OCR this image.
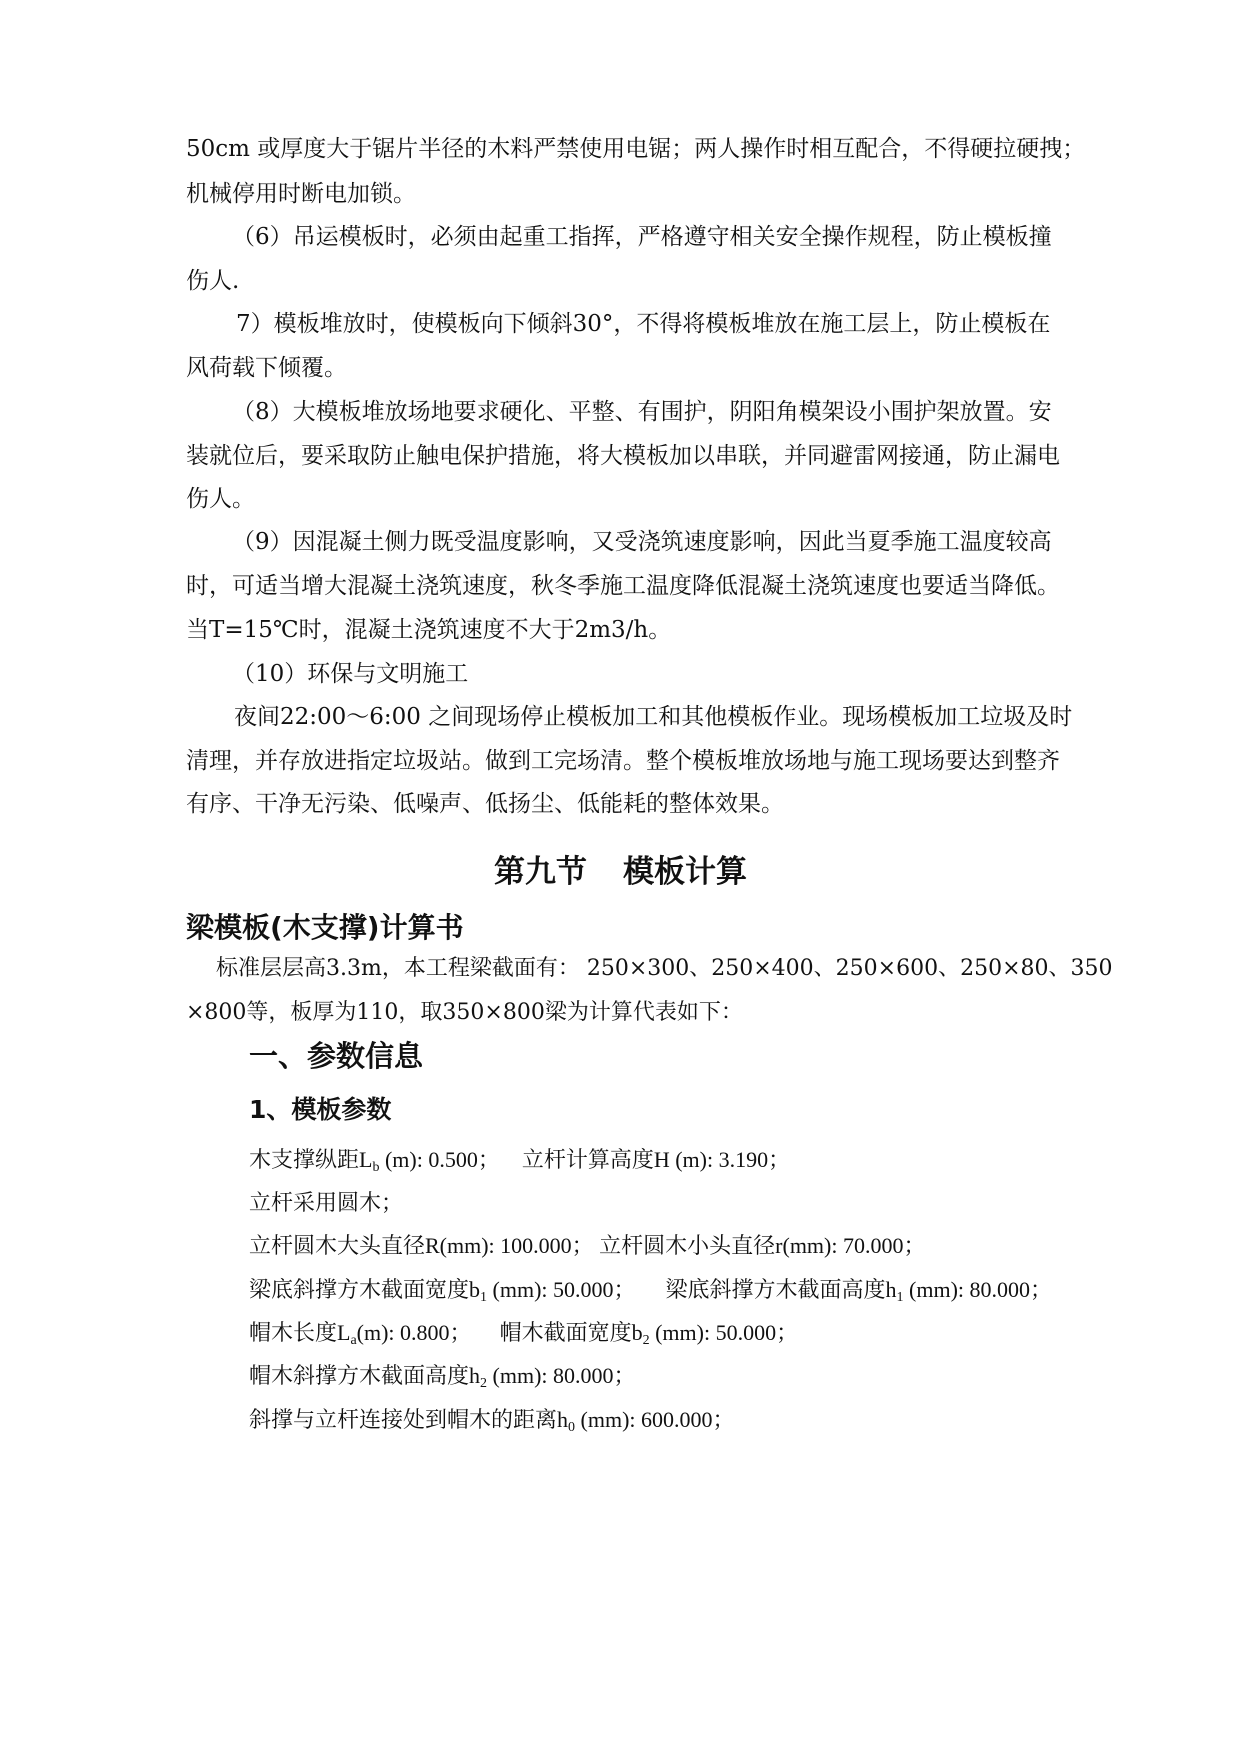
50cm 或厚度大于锯片半径的木料严禁使用电锯；两人操作时相互配合，不得硬拉硬拽；

机械停用时断电加锁。

（6）吊运模板时，必须由起重工指挥，严格遵守相关安全操作规程，防止模板撞

伤人.

7）模板堆放时，使模板向下倾斜30°，不得将模板堆放在施工层上，防止模板在

风荷载下倾覆。

（8）大模板堆放场地要求硬化、平整、有围护，阴阳角模架设小围护架放置。安

装就位后，要采取防止触电保护措施，将大模板加以串联，并同避雷网接通，防止漏电

伤人。

（9）因混凝土侧力既受温度影响，又受浇筑速度影响，因此当夏季施工温度较高

时，可适当增大混凝土浇筑速度，秋冬季施工温度降低混凝土浇筑速度也要适当降低。

当T=15℃时，混凝土浇筑速度不大于2m3/h。

（10）环保与文明施工

夜间22:00～6:00 之间现场停止模板加工和其他模板作业。现场模板加工垃圾及时

清理，并存放进指定垃圾站。做到工完场清。整个模板堆放场地与施工现场要达到整齐

有序、干净无污染、低噪声、低扬尘、低能耗的整体效果。

第九节 模板计算
梁模板(木支撑)计算书

标准层层高3.3m，本工程梁截面有： 250×300、250×400、250×600、250×80、350

×800等，板厚为110，取350×800梁为计算代表如下：

一、参数信息
1、模板参数

木支撑纵距$L_b$ (m): 0.500； 立杆计算高度H (m): 3.190；

立杆采用圆木；

立杆圆木大头直径R(mm): 100.000； 立杆圆木小头直径r(mm): 70.000；

梁底斜撑方木截面宽度$b_1$ (mm): 50.000； 梁底斜撑方木截面高度$h_1$ (mm): 80.000；

帽木长度$L_a(m)$: 0.800； 帽木截面宽度$b_2$ (mm): 50.000；

帽木斜撑方木截面高度$h_2$ (mm): 80.000；

斜撑与立杆连接处到帽木的距离$h_0$ (mm): 600.000；
